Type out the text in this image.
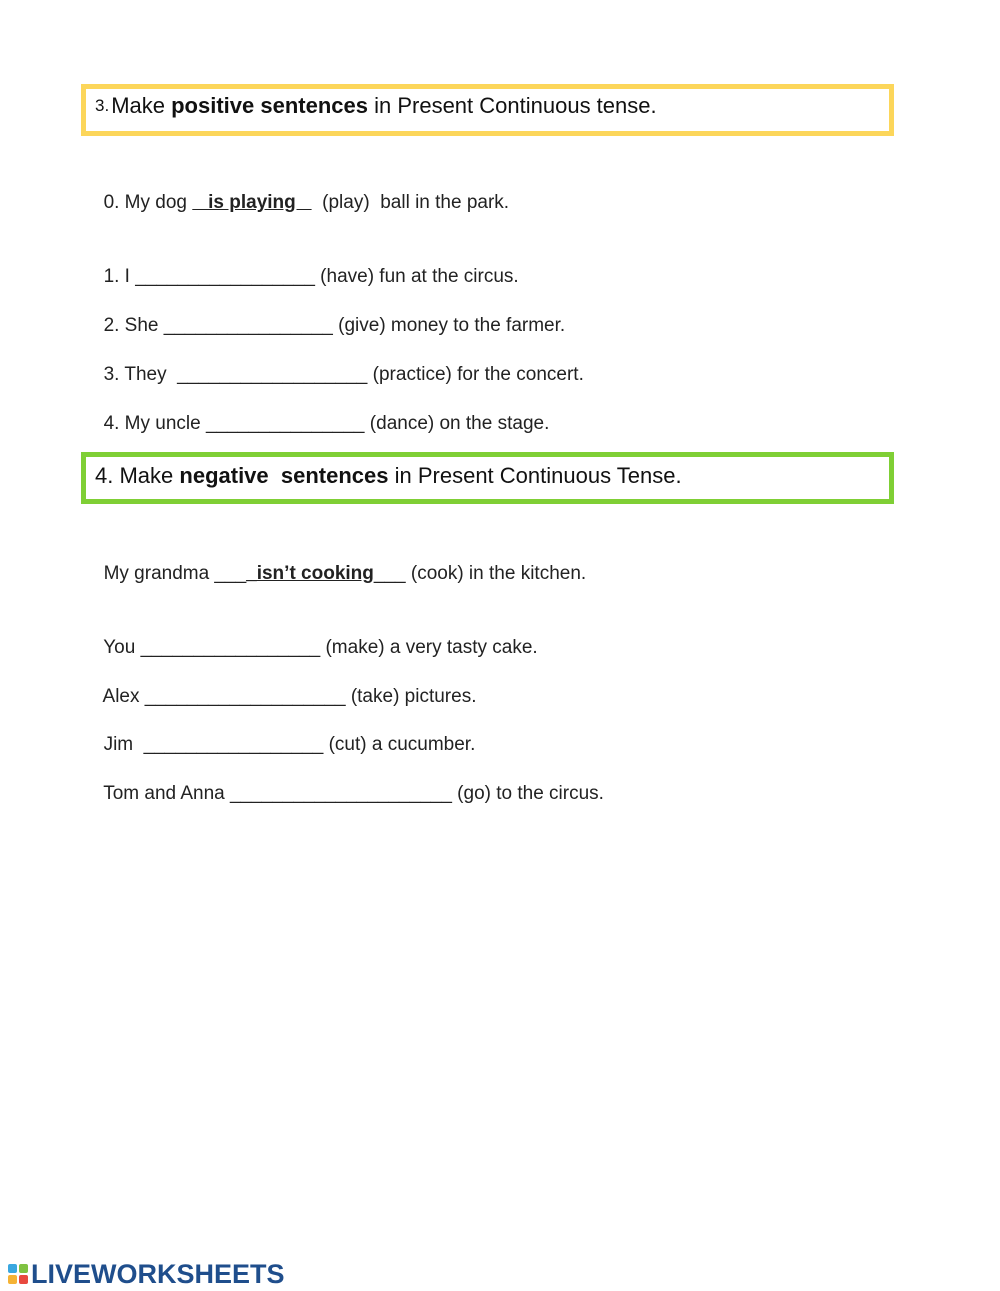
3. Make positive sentences in Present Continuous tense.

0. My dog    is playing     (play)  ball in the park.

1. I _________________ (have) fun at the circus.

2. She ________________ (give) money to the farmer.

3. They  __________________ (practice) for the concert.

4. My uncle _______________ (dance) on the stage.

4. Make negative  sentences in Present Continuous Tense.

My grandma ____isn’t cooking___ (cook) in the kitchen.

You _________________ (make) a very tasty cake.

Alex ___________________ (take) pictures.

Jim  _________________ (cut) a cucumber.

Tom and Anna _____________________ (go) to the circus.

LIVEWORKSHEETS
